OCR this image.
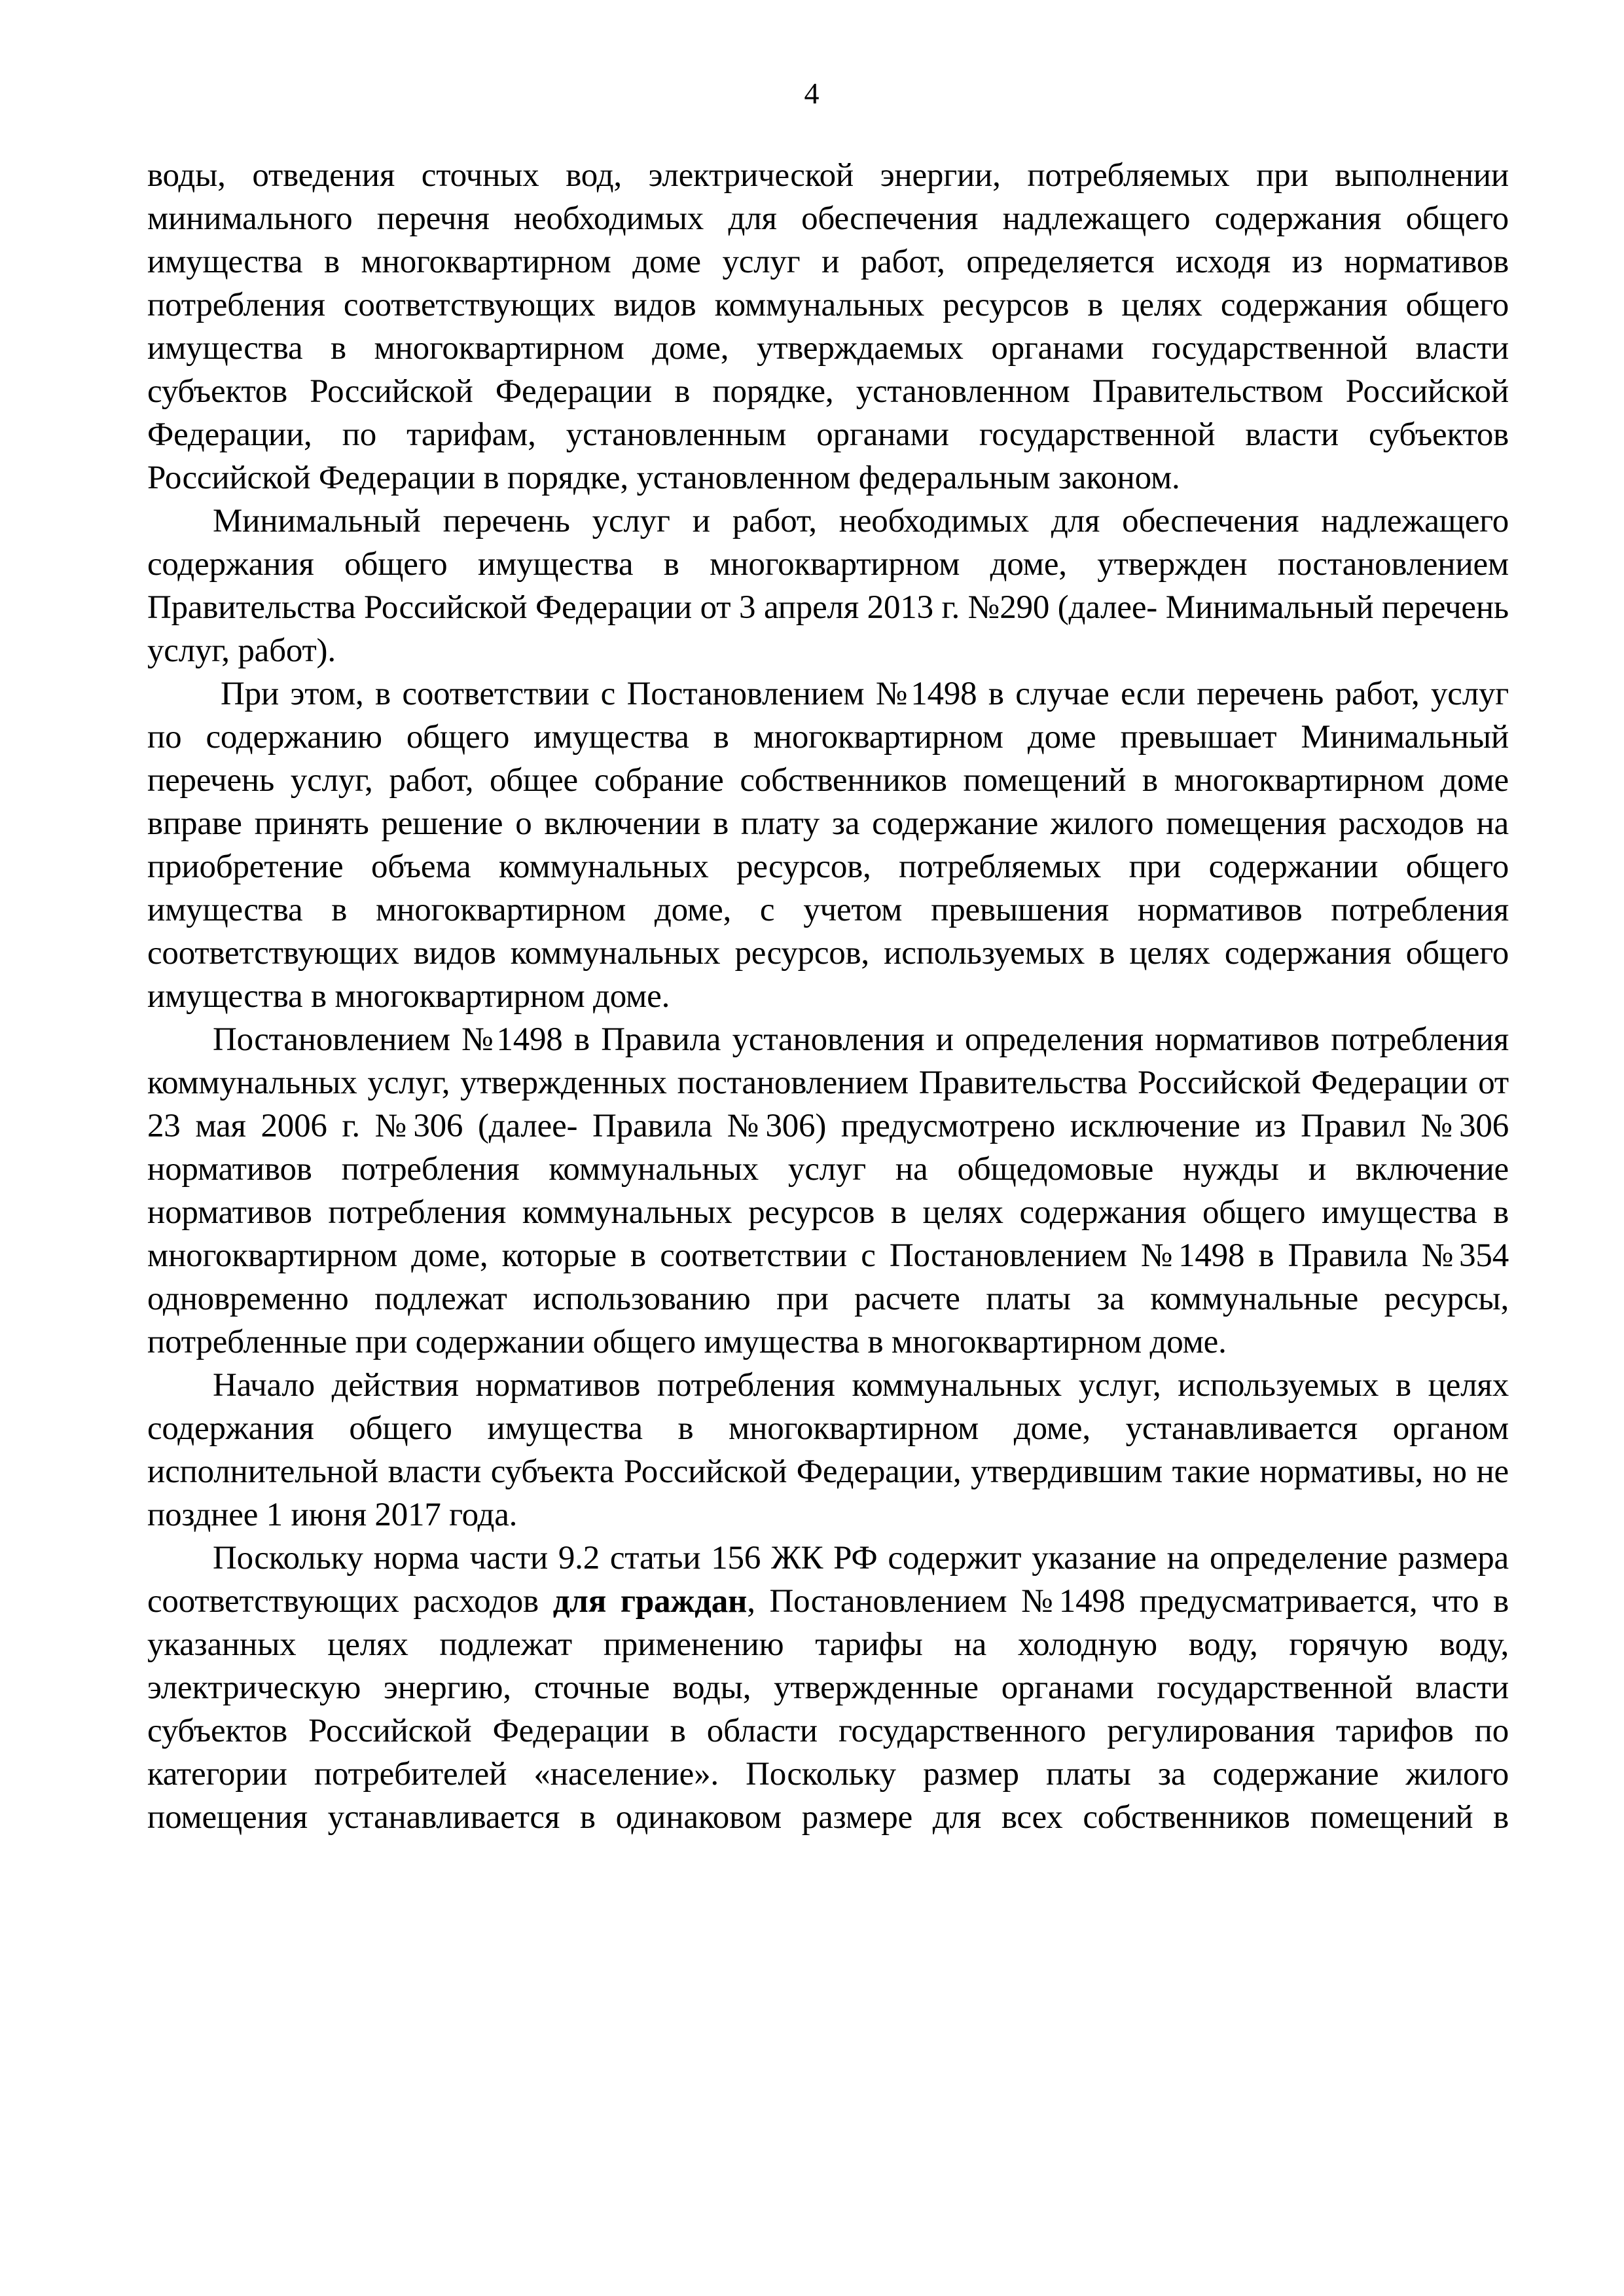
4

воды, отведения сточных вод, электрической энергии, потребляемых при выполнении минимального перечня необходимых для обеспечения надлежащего содержания общего имущества в многоквартирном доме услуг и работ, определяется исходя из нормативов потребления соответствующих видов коммунальных ресурсов в целях содержания общего имущества в многоквартирном доме, утверждаемых органами государственной власти субъектов Российской Федерации в порядке, установленном Правительством Российской Федерации, по тарифам, установленным органами государственной власти субъектов Российской Федерации в порядке, установленном федеральным законом.

Минимальный перечень услуг и работ, необходимых для обеспечения надлежащего содержания общего имущества в многоквартирном доме, утвержден постановлением Правительства Российской Федерации от 3 апреля 2013 г. №290 (далее- Минимальный перечень услуг, работ).

При этом, в соответствии с Постановлением №1498 в случае если перечень работ, услуг по содержанию общего имущества в многоквартирном доме превышает Минимальный перечень услуг, работ, общее собрание собственников помещений в многоквартирном доме вправе принять решение о включении в плату за содержание жилого помещения расходов на приобретение объема коммунальных ресурсов, потребляемых при содержании общего имущества в многоквартирном доме, с учетом превышения нормативов потребления соответствующих видов коммунальных ресурсов, используемых в целях содержания общего имущества в многоквартирном доме.

Постановлением №1498 в Правила установления и определения нормативов потребления коммунальных услуг, утвержденных постановлением Правительства Российской Федерации от 23 мая 2006 г. №306 (далее- Правила №306) предусмотрено исключение из Правил №306 нормативов потребления коммунальных услуг на общедомовые нужды и включение нормативов потребления коммунальных ресурсов в целях содержания общего имущества в многоквартирном доме, которые в соответствии с Постановлением №1498 в Правила №354 одновременно подлежат использованию при расчете платы за коммунальные ресурсы, потребленные при содержании общего имущества в многоквартирном доме.

Начало действия нормативов потребления коммунальных услуг, используемых в целях содержания общего имущества в многоквартирном доме, устанавливается органом исполнительной власти субъекта Российской Федерации, утвердившим такие нормативы, но не позднее 1 июня 2017 года.

Поскольку норма части 9.2 статьи 156 ЖК РФ содержит указание на определение размера соответствующих расходов для граждан, Постановлением №1498 предусматривается, что в указанных целях подлежат применению тарифы на холодную воду, горячую воду, электрическую энергию, сточные воды, утвержденные органами государственной власти субъектов Российской Федерации в области государственного регулирования тарифов по категории потребителей «население». Поскольку размер платы за содержание жилого помещения устанавливается в одинаковом размере для всех собственников помещений в
